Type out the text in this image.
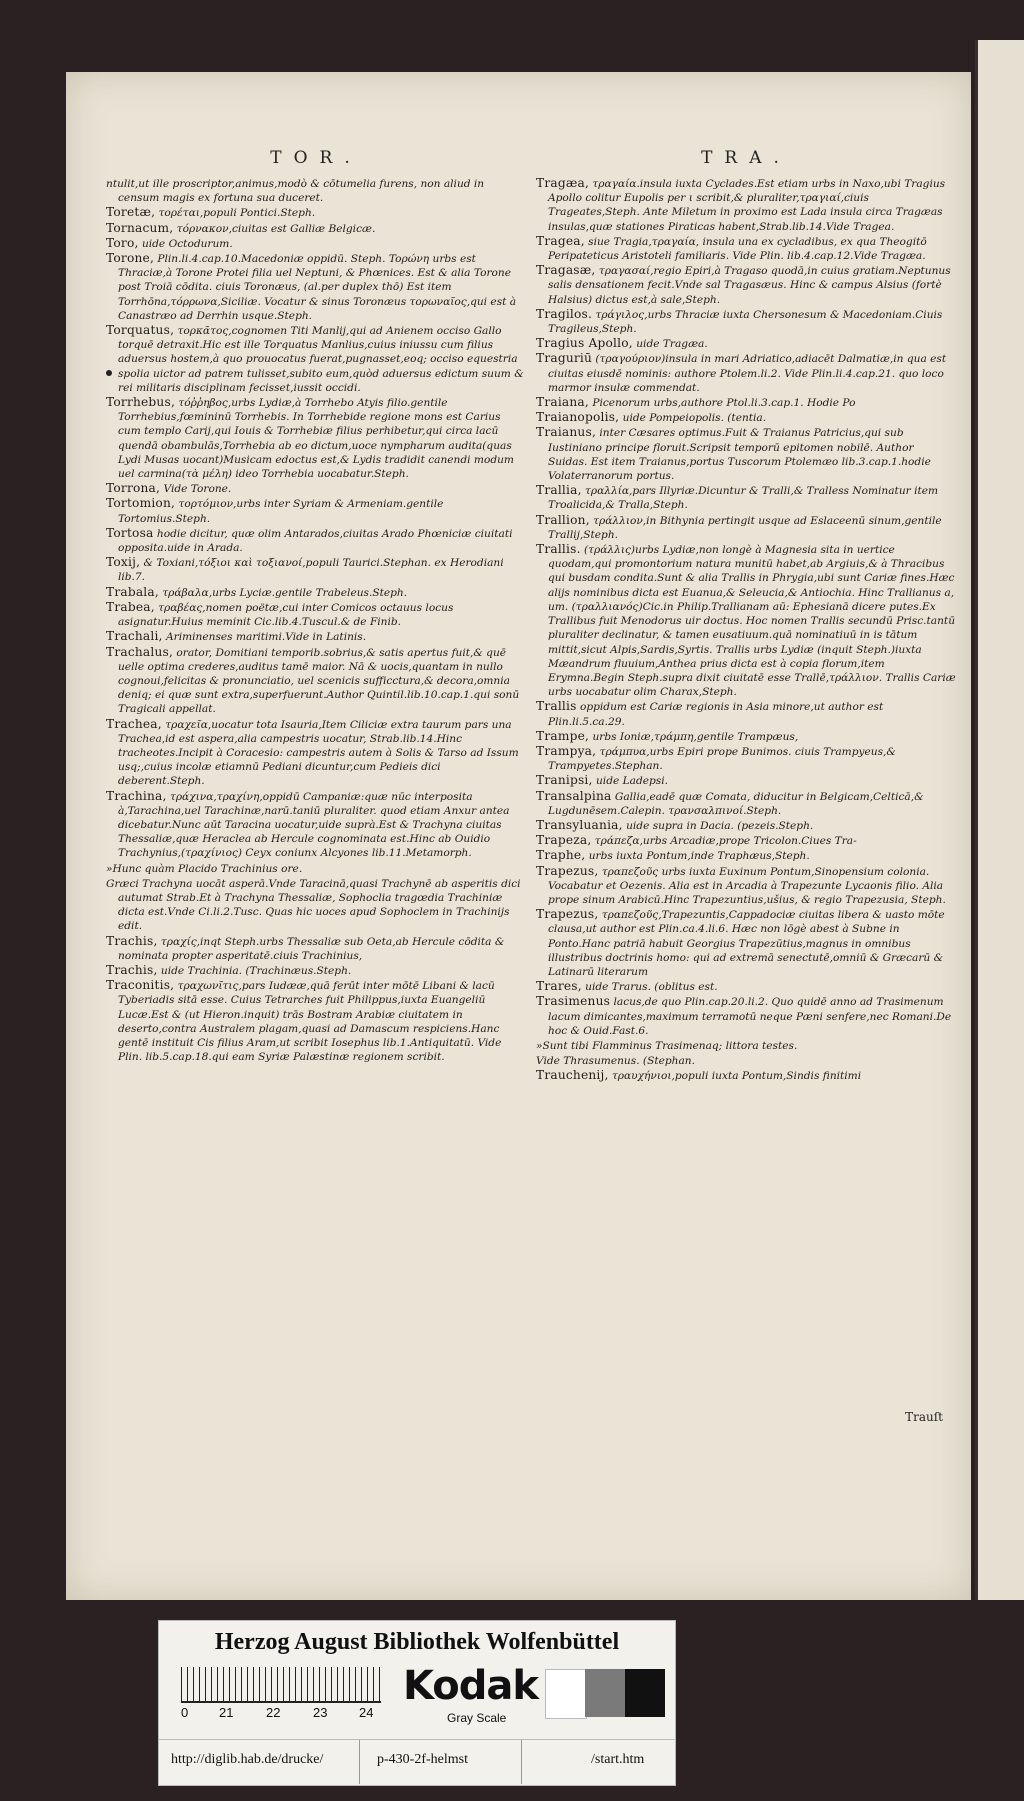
TOR.

ntulit,ut ille proscriptor,animus,modò & cōtumelia furens, non aliud in censum magis ex fortuna sua duceret.

Toretæ, τορέται,populi Pontici.Steph.

Tornacum, τόρνακον,ciuitas est Galliæ Belgicæ.

Toro, uide Octodurum.

Torone, Plin.li.4.cap.10.Macedoniæ oppidū. Steph. Toρώνη urbs est Thraciæ,à Torone Protei filia uel Neptuni, & Phœnices. Est & alia Torone post Troiā cōdita. ciuis Toronæus, (al.per duplex thō) Est item Torrhōna,τόρρωνα,Siciliæ. Vocatur & sinus Toronæus τορωναῖος,qui est à Canastræo ad Derrhin usque.Steph.

Torquatus, τορκᾶτος,cognomen Titi Manlij,qui ad Anienem occiso Gallo torquē detraxit.Hic est ille Torquatus Manlius,cuius iniussu cum filius aduersus hostem,à quo prouocatus fuerat,pugnasset,eoq; occiso equestria spolia uictor ad patrem tulisset,subito eum,quòd aduersus edictum suum & rei militaris disciplinam fecisset,iussit occidi.

Torrhebus, τόῤῥηβος,urbs Lydiæ,à Torrhebo Atyis filio.gentile Torrhebius,fœmininū Torrhebis. In Torrhebide regione mons est Carius cum templo Carij,qui Iouis & Torrhebiæ filius perhibetur,qui circa lacū quendā obambulās,Torrhebia ab eo dictum,uoce nympharum audita(quas Lydi Musas uocant)Musicam edoctus est,& Lydis tradidit canendi modum uel carmina(τὰ μέλη) ideo Torrhebia uocabatur.Steph.

Torrona, Vide Torone.

Tortomion, τορτόμιον,urbs inter Syriam & Armeniam.gentile Tortomius.Steph.

Tortosa hodie dicitur, quæ olim Antarados,ciuitas Arado Phœniciæ ciuitati opposita.uide in Arada.

Toxij, & Toxiani,τόξιοι καὶ τοξιανοί,populi Taurici.Stephan. ex Herodiani lib.7.

Trabala, τράβαλα,urbs Lyciæ.gentile Trabeleus.Steph.

Trabea, τραβέας,nomen poëtæ,cui inter Comicos octauus locus asignatur.Huius meminit Cic.lib.4.Tuscul.& de Finib.

Trachali, Ariminenses maritimi.Vide in Latinis.

Trachalus, orator, Domitiani temporib.sobrius,& satis apertus fuit,& quē uelle optima crederes,auditus tamē maior. Nā & uocis,quantam in nullo cognoui,felicitas & pronunciatio, uel scenicis sufficctura,& decora,omnia deniq; ei quæ sunt extra,superfuerunt.Author Quintil.lib.10.cap.1.qui sonū Tragicali appellat.

Trachea, τραχεῖα,uocatur tota Isauria,Item Ciliciæ extra taurum pars una Trachea,id est aspera,alia campestris uocatur, Strab.lib.14.Hinc tracheotes.Incipit à Coracesio: campestris autem à Solis & Tarso ad Issum usq;,cuius incolæ etiamnū Pediani dicuntur,cum Pedieis dici deberent.Steph.

Trachina, τράχινα,τραχίνη,oppidū Campaniæ:quæ nūc interposita à,Tarachina,uel Tarachinæ,narū.taniū pluraliter. quod etiam Anxur antea dicebatur.Nunc aūt Taracina uocatur,uide suprà.Est & Trachyna ciuitas Thessaliæ,quæ Heraclea ab Hercule cognominata est.Hinc ab Ouidio Trachynius,(τραχίνιος) Ceyx coniunx Alcyones lib.11.Metamorph.

»Hunc quàm Placido Trachinius ore.

Græci Trachyna uocāt asperā.Vnde Taracinā,quasi Trachynē ab asperitis dici autumat Strab.Et à Trachyna Thessaliæ, Sophoclia tragœdia Trachiniæ dicta est.Vnde Ci.li.2.Tusc. Quas hic uoces apud Sophoclem in Trachinijs edit.

Trachis, τραχίς,inqt Steph.urbs Thessaliæ sub Oeta,ab Hercule cōdita & nominata propter asperitatē.ciuis Trachinius,

Trachis, uide Trachinia. (Trachinæus.Steph.

Traconitis, τραχωνῖτις,pars Iudææ,quā ferūt inter mōtē Libani & lacū Tyberiadis sitā esse. Cuius Tetrarches fuit Philippus,iuxta Euangeliū Lucæ.Est & (ut Hieron.inquit) trās Bostram Arabiæ ciuitatem in deserto,contra Australem plagam,quasi ad Damascum respiciens.Hanc gentē instituit Cis filius Aram,ut scribit Iosephus lib.1.Antiquitatū. Vide Plin. lib.5.cap.18.qui eam Syriæ Palæstinæ regionem scribit.

TRA.

Tragæa, τραγαία.insula iuxta Cyclades.Est etiam urbs in Naxo,ubi Tragius Apollo colitur Eupolis per ι scribit,& pluraliter,τραγιαί,ciuis Trageates,Steph. Ante Miletum in proximo est Lada insula circa Tragæas insulas,quæ stationes Piraticas habent,Strab.lib.14.Vide Tragea.

Tragea, siue Tragia,τραγαία, insula una ex cycladibus, ex qua Theogitō Peripateticus Aristoteli familiaris. Vide Plin. lib.4.cap.12.Vide Tragæa.

Tragasæ, τραγασαί,regio Epiri,à Tragaso quodā,in cuius gratiam.Neptunus salis densationem fecit.Vnde sal Tragasæus. Hinc & campus Alsius (fortè Halsius) dictus est,à sale,Steph.

Tragilos. τράγιλος,urbs Thraciæ iuxta Chersonesum & Macedoniam.Ciuis Tragileus,Steph.

Tragius Apollo, uide Tragæa.

Traguriū (τραγούριον)insula in mari Adriatico,adiacēt Dalmatiæ,in qua est ciuitas eiusdē nominis: authore Ptolem.li.2. Vide Plin.li.4.cap.21. quo loco marmor insulæ commendat.

Traiana, Picenorum urbs,authore Ptol.li.3.cap.1. Hodie Po

Traianopolis, uide Pompeiopolis. (tentia.

Traianus, inter Cæsares optimus.Fuit & Traianus Patricius,qui sub Iustiniano principe floruit.Scripsit temporū epitomen nobilē. Author Suidas. Est item Traianus,portus Tuscorum Ptolemæo lib.3.cap.1.hodie Volaterranorum portus.

Trallia, τραλλία,pars Illyriæ.Dicuntur & Tralli,& Tralless Nominatur item Troalicida,& Tralla,Steph.

Trallion, τράλλιον,in Bithynia pertingit usque ad Eslaceenū sinum,gentile Trallij,Steph.

Trallis. (τράλλις)urbs Lydiæ,non longè à Magnesia sita in uertice quodam,qui promontorium natura munitū habet,ab Argiuis,& à Thracibus qui busdam condita.Sunt & alia Trallis in Phrygia,ubi sunt Cariæ fines.Hæc alijs nominibus dicta est Euanua,& Seleucia,& Antiochia. Hinc Trallianus a, um. (τραλλιανός)Cic.in Philip.Trallianam aū: Ephesianā dicere putes.Ex Trallibus fuit Menodorus uir doctus. Hoc nomen Trallis secundū Prisc.tantū pluraliter declinatur, & tamen eusatiuum.quā nominatiuū in is tātum mittit,sicut Alpis,Sardis,Syrtis. Trallis urbs Lydiæ (inquit Steph.)iuxta Mæandrum fluuium,Anthea prius dicta est à copia florum,item Erymna.Begin Steph.supra dixit ciuitatē esse Trallē,τράλλιον. Trallis Cariæ urbs uocabatur olim Charax,Steph.

Trallis oppidum est Cariæ regionis in Asia minore,ut author est Plin.li.5.ca.29.

Trampe, urbs Ioniæ,τράμπη,gentile Trampæus,

Trampya, τράμπυα,urbs Epiri prope Bunimos. ciuis Trampyeus,& Trampyetes.Stephan.

Tranipsi, uide Ladepsi.

Transalpina Gallia,eadē quæ Comata, diducitur in Belgicam,Celticā,& Lugdunēsem.Calepin. τρανσαλπινοί.Steph.

Transyluania, uide supra in Dacia. (pezeis.Steph.

Trapeza, τράπεζα,urbs Arcadiæ,prope Tricolon.Ciues Tra-

Traphe, urbs iuxta Pontum,inde Traphæus,Steph.

Trapezus, τραπεζοῦς urbs iuxta Euxinum Pontum,Sinopensium colonia. Vocabatur et Oezenis. Alia est in Arcadia à Trapezunte Lycaonis filio. Alia prope sinum Arabicū.Hinc Trapezuntius,ušius, & regio Trapezusia, Steph.

Trapezus, τραπεζοῦς,Trapezuntis,Cappadociæ ciuitas libera & uasto mōte clausa,ut author est Plin.ca.4.li.6. Hæc non lōgè abest à Subne in Ponto.Hanc patriā habuit Georgius Trapezūtius,magnus in omnibus illustribus doctrinis homo: qui ad extremā senectutē,omniū & Græcarū & Latinarū literarum

Trares, uide Trarus. (oblitus est.

Trasimenus lacus,de quo Plin.cap.20.li.2. Quo quidē anno ad Trasimenum lacum dimicantes,maximum terramotū neque Pæni senfere,nec Romani.De hoc & Ouid.Fast.6.

»Sunt tibi Flamminus Trasimenaq; littora testes.

Vide Thrasumenus. (Stephan.

Trauchenij, τραυχήνιοι,populi iuxta Pontum,Sindis finitimi

Trauſt
Herzog August Bibliothek Wolfenbüttel
0 21	22	23 24
Kodak
Gray Scale
http://diglib.hab.de/drucke/	p-430-2f-helmst	/start.htm
